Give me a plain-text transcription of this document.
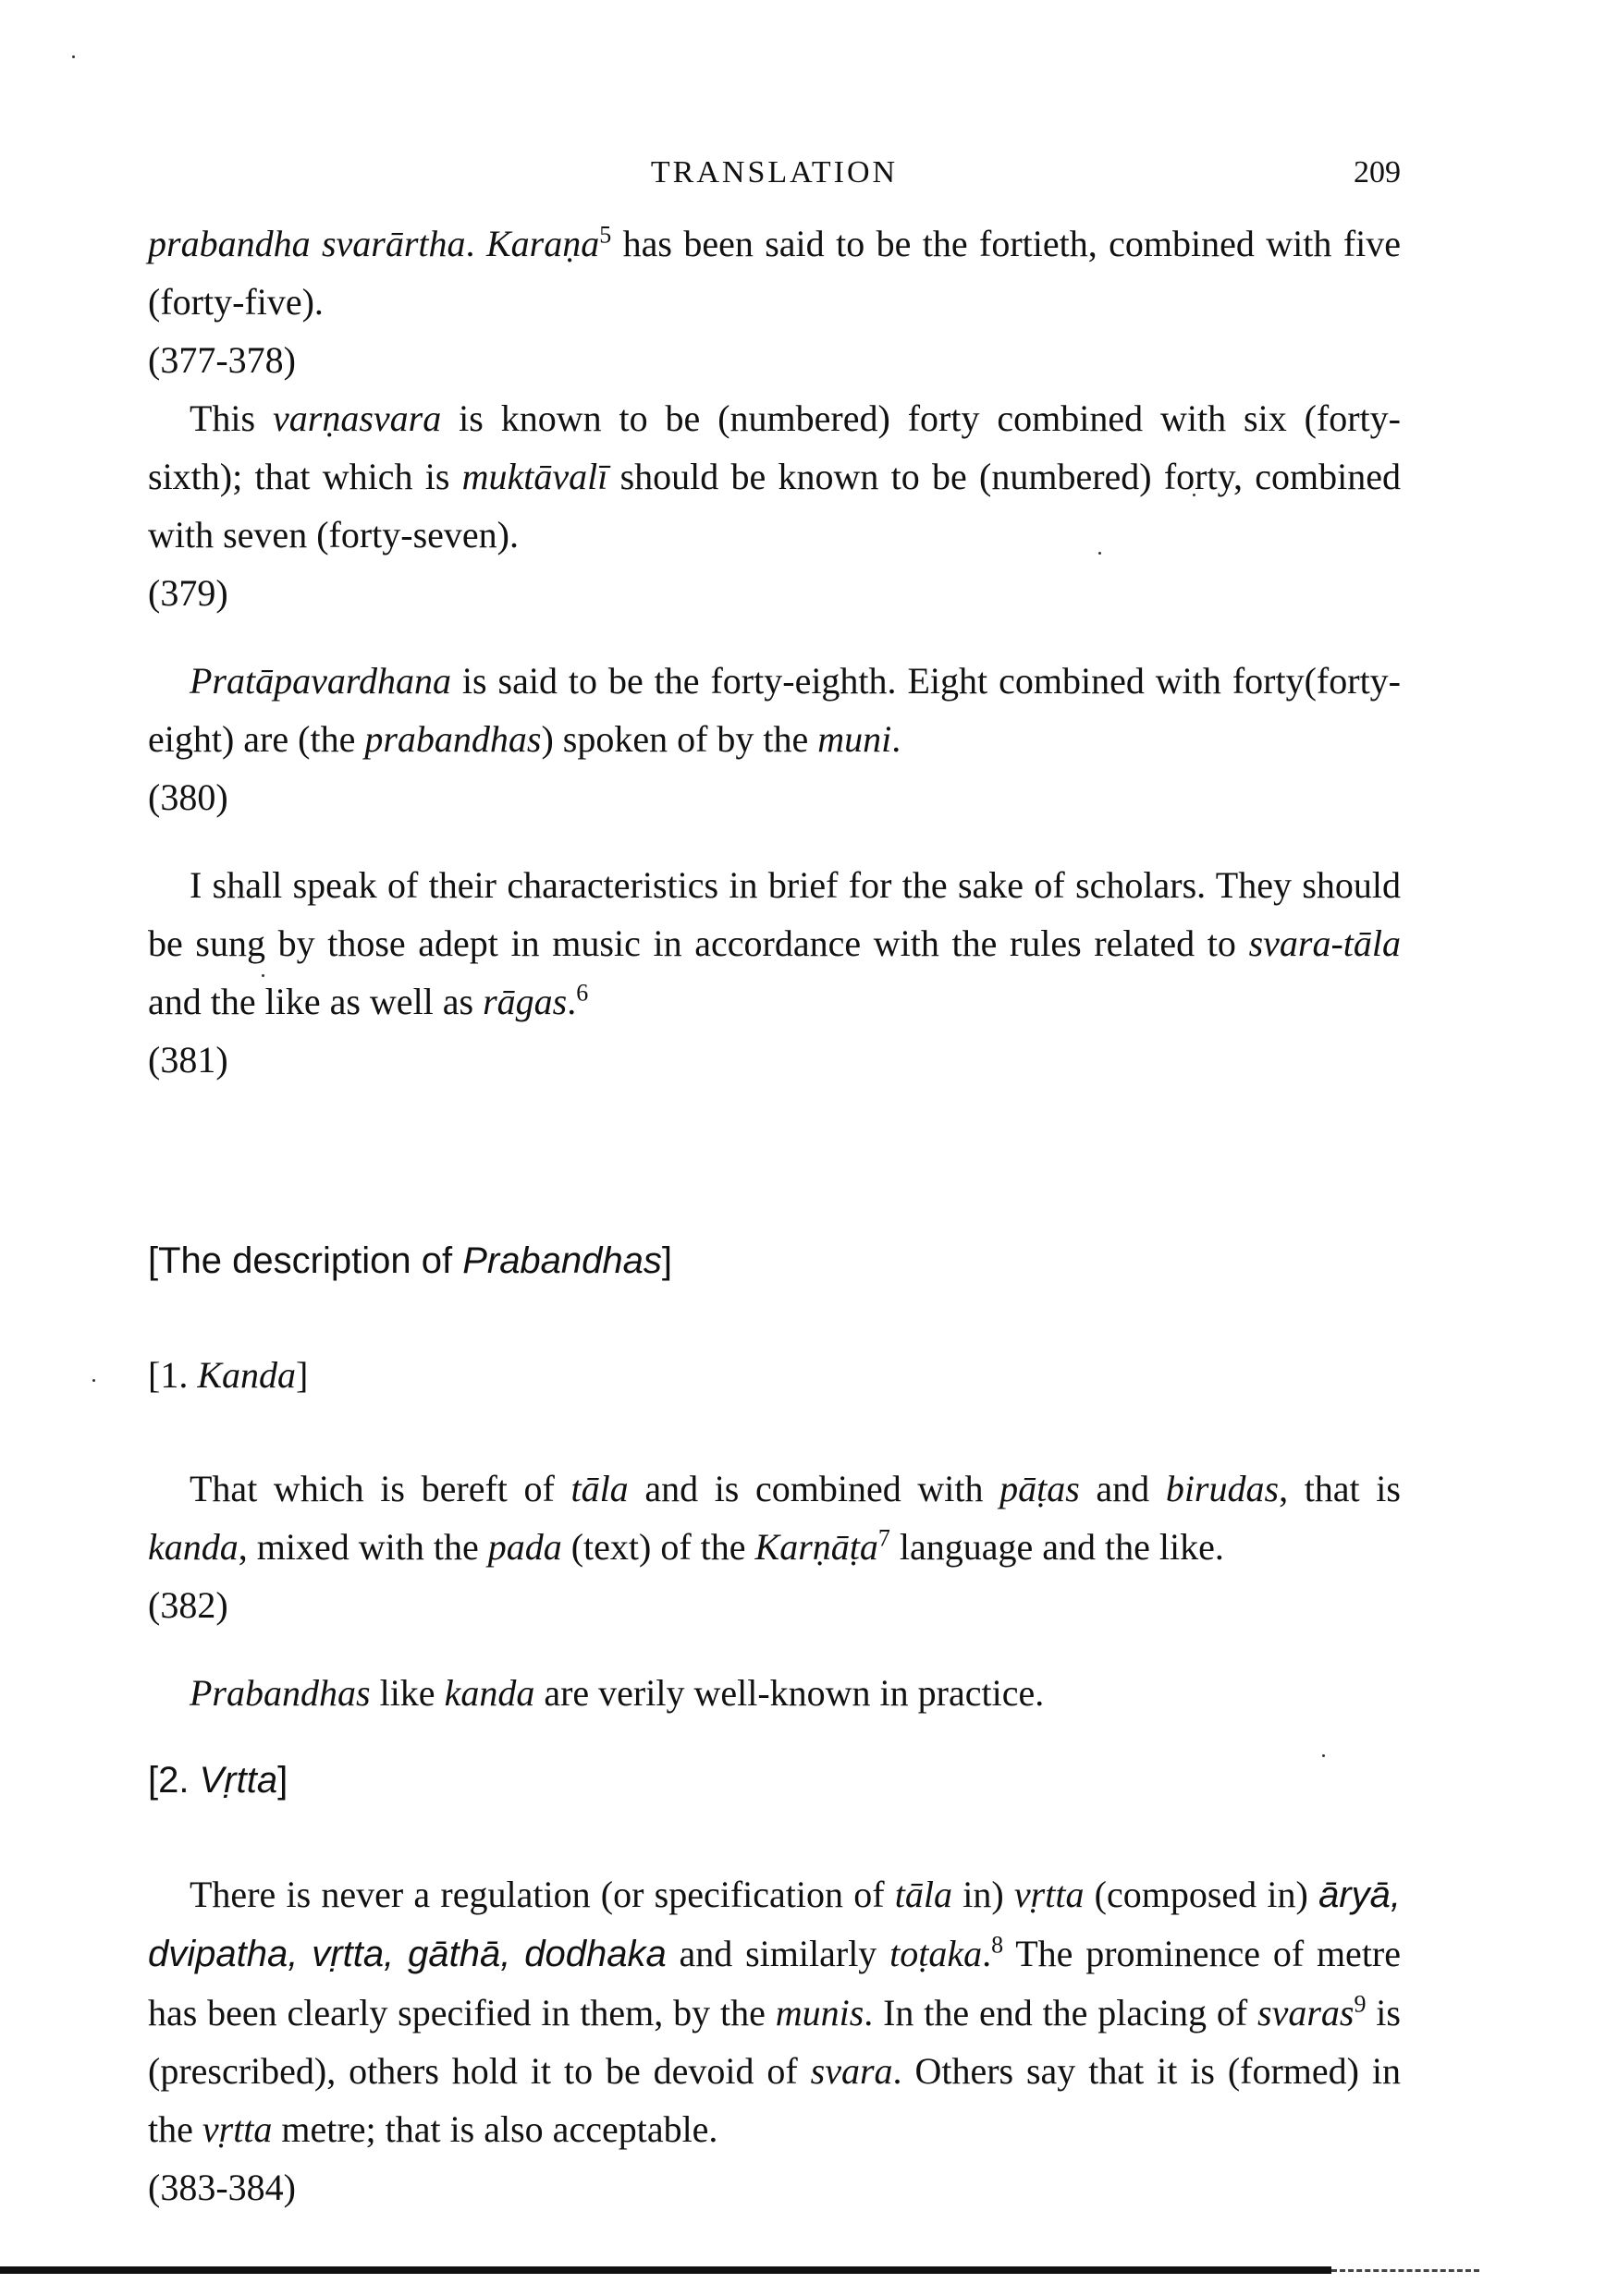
TRANSLATION	209

prabandha svarārtha. Karaṇa$^5$ has been said to be the fortieth, combined with five (forty-five).

(377-378)

This varṇasvara is known to be (numbered) forty combined with six (forty-sixth); that which is muktāvalī should be known to be (numbered) forty, combined with seven (forty-seven).

(379)

Pratāpavardhana is said to be the forty-eighth. Eight combined with forty(forty-eight) are (the prabandhas) spoken of by the muni.

(380)

I shall speak of their characteristics in brief for the sake of scholars. They should be sung by those adept in music in accordance with the rules related to svara-tāla and the like as well as rāgas.$^6$

(381)

[The description of Prabandhas]

[1. Kanda]

That which is bereft of tāla and is combined with pāṭas and birudas, that is kanda, mixed with the pada (text) of the Karṇāṭa$^7$ language and the like.

(382)

Prabandhas like kanda are verily well-known in practice.

[2. Vṛtta]

There is never a regulation (or specification of tāla in) vṛtta (composed in) āryā, dvipatha, vṛtta, gāthā, dodhaka and similarly toṭaka.$^8$ The prominence of metre has been clearly specified in them, by the munis. In the end the placing of svaras$^9$ is (prescribed), others hold it to be devoid of svara. Others say that it is (formed) in the vṛtta metre; that is also acceptable.

(383-384)
